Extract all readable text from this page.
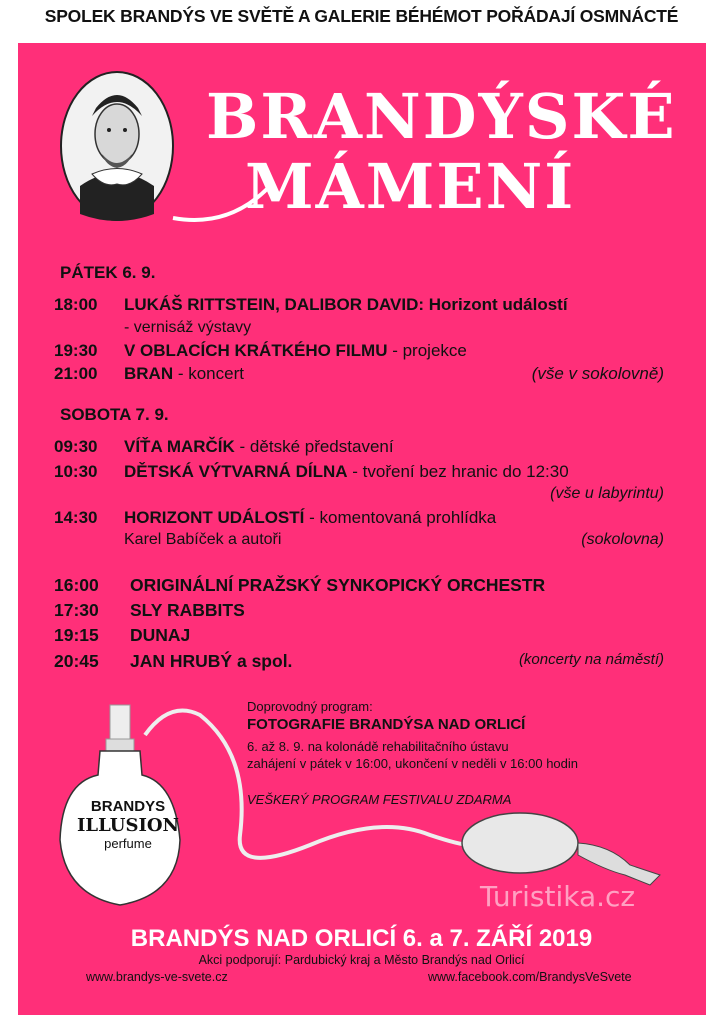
SPOLEK BRANDÝS VE SVĚTĚ A GALERIE BÉHÉMOT POŘÁDAJÍ OSMNÁCTÉ
BRANDÝSKÉ
MÁMENÍ
PÁTEK 6. 9.
18:00 LUKÁŠ RITTSTEIN, DALIBOR DAVID: Horizont událostí
- vernisáž výstavy
19:30 V OBLACÍCH KRÁTKÉHO FILMU - projekce
21:00 BRAN - koncert	(vše v sokolovně)
SOBOTA 7. 9.
09:30 VÍŤA MARČÍK - dětské představení
10:30 DĚTSKÁ VÝTVARNÁ DÍLNA - tvoření bez hranic do 12:30
(vše u labyrintu)
14:30 HORIZONT UDÁLOSTÍ - komentovaná prohlídka
Karel Babíček a autoři	(sokolovna)
16:00 ORIGINÁLNÍ PRAŽSKÝ SYNKOPICKÝ ORCHESTR
17:30 SLY RABBITS
19:15 DUNAJ
20:45 JAN HRUBÝ a spol.	(koncerty na náměstí)
Doprovodný program:
FOTOGRAFIE BRANDÝSA NAD ORLICÍ
6. až 8. 9. na kolonádě rehabilitačního ústavu
zahájení v pátek v 16:00, ukončení v neděli v 16:00 hodin
VEŠKERÝ PROGRAM FESTIVALU ZDARMA
BRANDYS
ILLUSION
perfume
Turistika.cz
BRANDÝS NAD ORLICÍ 6. a 7. ZÁŘÍ 2019
Akci podporují: Pardubický kraj a Město Brandýs nad Orlicí
www.brandys-ve-svete.cz	www.facebook.com/BrandysVeSvete
